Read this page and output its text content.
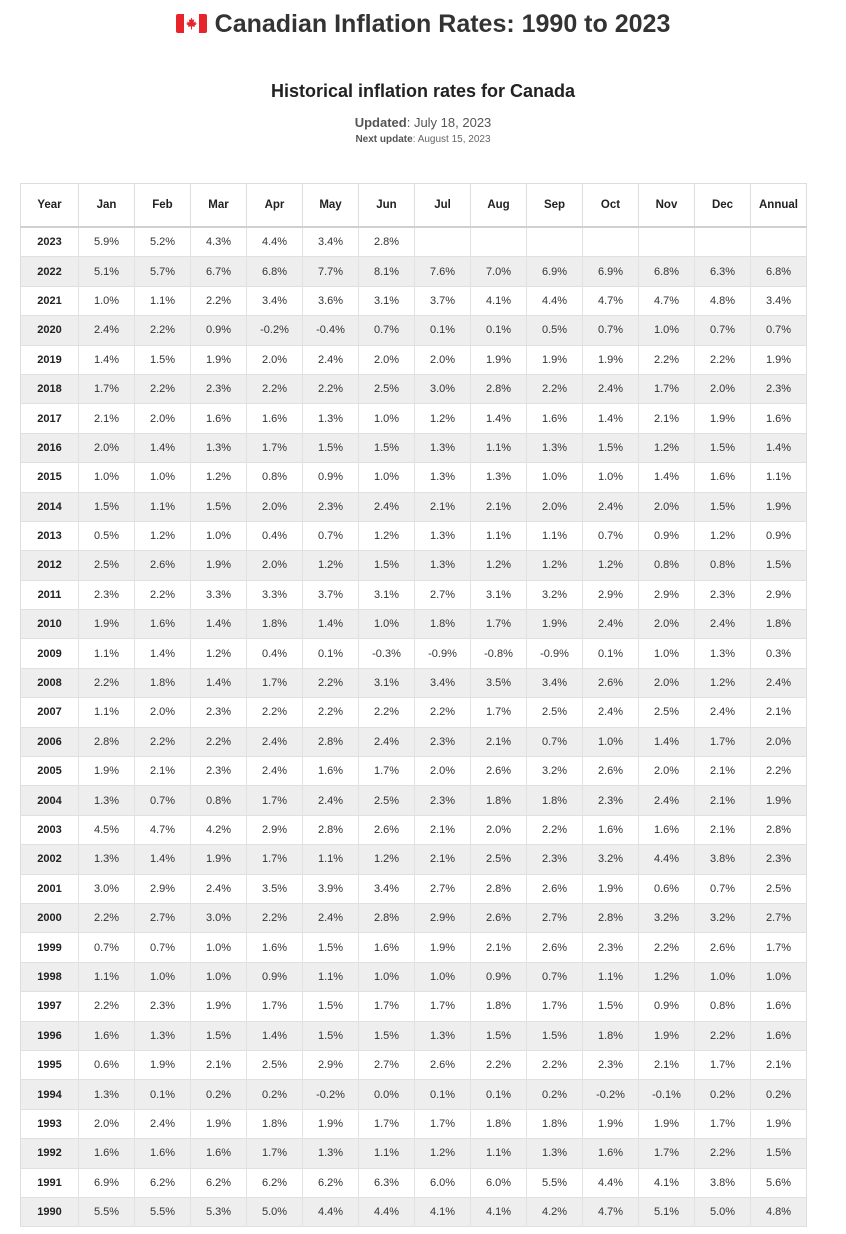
Canadian Inflation Rates: 1990 to 2023
Historical inflation rates for Canada
Updated: July 18, 2023
Next update: August 15, 2023
Year	Jan	Feb	Mar	Apr	May	Jun	Jul	Aug	Sep	Oct	Nov	Dec	Annual
2023	5.9%	5.2%	4.3%	4.4%	3.4%	2.8%							
2022	5.1%	5.7%	6.7%	6.8%	7.7%	8.1%	7.6%	7.0%	6.9%	6.9%	6.8%	6.3%	6.8%
2021	1.0%	1.1%	2.2%	3.4%	3.6%	3.1%	3.7%	4.1%	4.4%	4.7%	4.7%	4.8%	3.4%
2020	2.4%	2.2%	0.9%	-0.2%	-0.4%	0.7%	0.1%	0.1%	0.5%	0.7%	1.0%	0.7%	0.7%
2019	1.4%	1.5%	1.9%	2.0%	2.4%	2.0%	2.0%	1.9%	1.9%	1.9%	2.2%	2.2%	1.9%
2018	1.7%	2.2%	2.3%	2.2%	2.2%	2.5%	3.0%	2.8%	2.2%	2.4%	1.7%	2.0%	2.3%
2017	2.1%	2.0%	1.6%	1.6%	1.3%	1.0%	1.2%	1.4%	1.6%	1.4%	2.1%	1.9%	1.6%
2016	2.0%	1.4%	1.3%	1.7%	1.5%	1.5%	1.3%	1.1%	1.3%	1.5%	1.2%	1.5%	1.4%
2015	1.0%	1.0%	1.2%	0.8%	0.9%	1.0%	1.3%	1.3%	1.0%	1.0%	1.4%	1.6%	1.1%
2014	1.5%	1.1%	1.5%	2.0%	2.3%	2.4%	2.1%	2.1%	2.0%	2.4%	2.0%	1.5%	1.9%
2013	0.5%	1.2%	1.0%	0.4%	0.7%	1.2%	1.3%	1.1%	1.1%	0.7%	0.9%	1.2%	0.9%
2012	2.5%	2.6%	1.9%	2.0%	1.2%	1.5%	1.3%	1.2%	1.2%	1.2%	0.8%	0.8%	1.5%
2011	2.3%	2.2%	3.3%	3.3%	3.7%	3.1%	2.7%	3.1%	3.2%	2.9%	2.9%	2.3%	2.9%
2010	1.9%	1.6%	1.4%	1.8%	1.4%	1.0%	1.8%	1.7%	1.9%	2.4%	2.0%	2.4%	1.8%
2009	1.1%	1.4%	1.2%	0.4%	0.1%	-0.3%	-0.9%	-0.8%	-0.9%	0.1%	1.0%	1.3%	0.3%
2008	2.2%	1.8%	1.4%	1.7%	2.2%	3.1%	3.4%	3.5%	3.4%	2.6%	2.0%	1.2%	2.4%
2007	1.1%	2.0%	2.3%	2.2%	2.2%	2.2%	2.2%	1.7%	2.5%	2.4%	2.5%	2.4%	2.1%
2006	2.8%	2.2%	2.2%	2.4%	2.8%	2.4%	2.3%	2.1%	0.7%	1.0%	1.4%	1.7%	2.0%
2005	1.9%	2.1%	2.3%	2.4%	1.6%	1.7%	2.0%	2.6%	3.2%	2.6%	2.0%	2.1%	2.2%
2004	1.3%	0.7%	0.8%	1.7%	2.4%	2.5%	2.3%	1.8%	1.8%	2.3%	2.4%	2.1%	1.9%
2003	4.5%	4.7%	4.2%	2.9%	2.8%	2.6%	2.1%	2.0%	2.2%	1.6%	1.6%	2.1%	2.8%
2002	1.3%	1.4%	1.9%	1.7%	1.1%	1.2%	2.1%	2.5%	2.3%	3.2%	4.4%	3.8%	2.3%
2001	3.0%	2.9%	2.4%	3.5%	3.9%	3.4%	2.7%	2.8%	2.6%	1.9%	0.6%	0.7%	2.5%
2000	2.2%	2.7%	3.0%	2.2%	2.4%	2.8%	2.9%	2.6%	2.7%	2.8%	3.2%	3.2%	2.7%
1999	0.7%	0.7%	1.0%	1.6%	1.5%	1.6%	1.9%	2.1%	2.6%	2.3%	2.2%	2.6%	1.7%
1998	1.1%	1.0%	1.0%	0.9%	1.1%	1.0%	1.0%	0.9%	0.7%	1.1%	1.2%	1.0%	1.0%
1997	2.2%	2.3%	1.9%	1.7%	1.5%	1.7%	1.7%	1.8%	1.7%	1.5%	0.9%	0.8%	1.6%
1996	1.6%	1.3%	1.5%	1.4%	1.5%	1.5%	1.3%	1.5%	1.5%	1.8%	1.9%	2.2%	1.6%
1995	0.6%	1.9%	2.1%	2.5%	2.9%	2.7%	2.6%	2.2%	2.2%	2.3%	2.1%	1.7%	2.1%
1994	1.3%	0.1%	0.2%	0.2%	-0.2%	0.0%	0.1%	0.1%	0.2%	-0.2%	-0.1%	0.2%	0.2%
1993	2.0%	2.4%	1.9%	1.8%	1.9%	1.7%	1.7%	1.8%	1.8%	1.9%	1.9%	1.7%	1.9%
1992	1.6%	1.6%	1.6%	1.7%	1.3%	1.1%	1.2%	1.1%	1.3%	1.6%	1.7%	2.2%	1.5%
1991	6.9%	6.2%	6.2%	6.2%	6.2%	6.3%	6.0%	6.0%	5.5%	4.4%	4.1%	3.8%	5.6%
1990	5.5%	5.5%	5.3%	5.0%	4.4%	4.4%	4.1%	4.1%	4.2%	4.7%	5.1%	5.0%	4.8%
